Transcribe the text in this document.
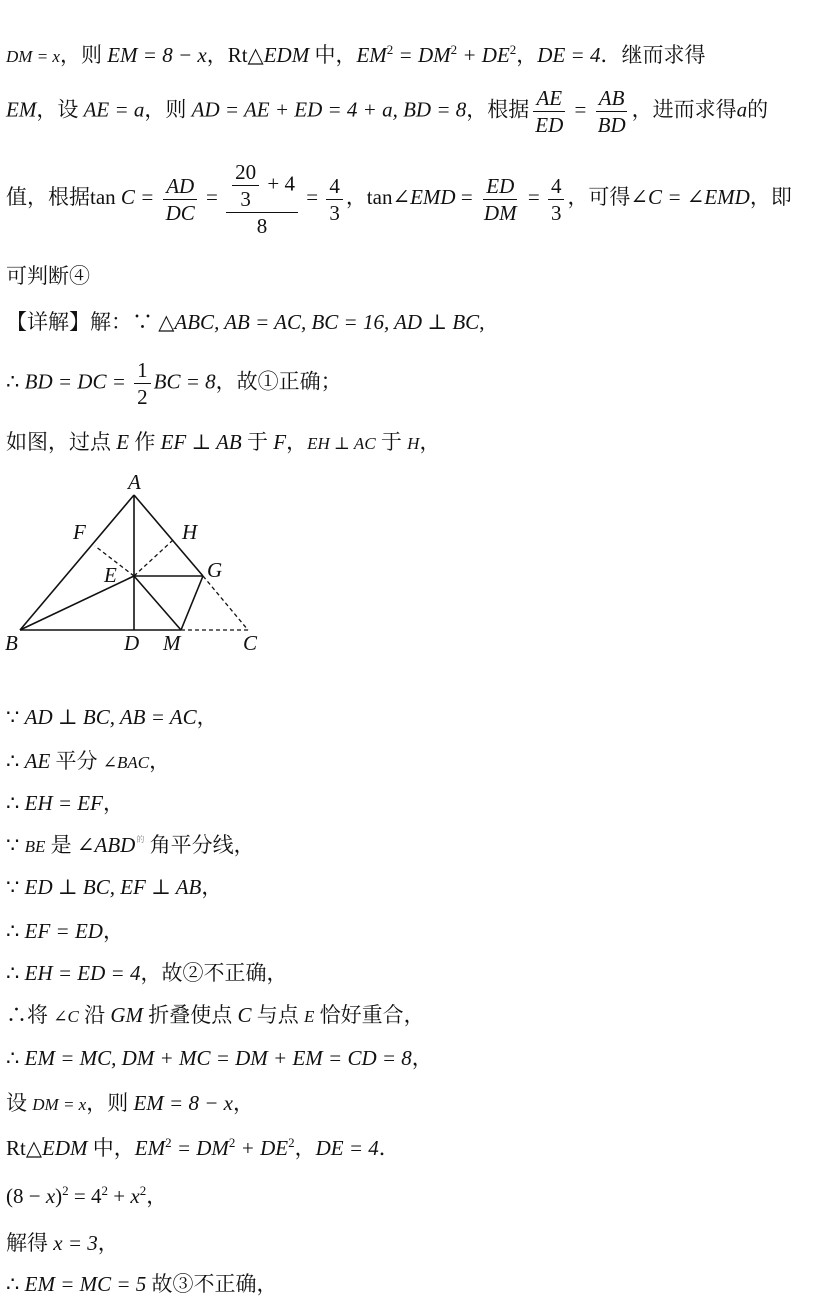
DM = x，则 EM = 8 − x，Rt△EDM 中，$EM^2 = DM^2 + DE^2$，DE = 4．继而求得
EM，设 AE = a，则 AD = AE + ED = 4 + a, BD = 8，根据 $\frac{AE}{ED} = \frac{AB}{BD}$ ，进而求得a的
值，根据$\tan C = \frac{AD}{DC} = \frac{\frac{20}{3} + 4}{8} = \frac{4}{3}$ ，tan∠EMD = $\frac{ED}{DM} = \frac{4}{3}$ ，可得∠C = ∠EMD，即
可判断④
【详解】解：∵ △ABC, AB = AC, BC = 16, AD ⊥ BC,
∴ BD = DC = $\frac{1}{2}$ BC = 8，故①正确；
如图，过点 E 作 EF ⊥ AB 于 F，EH ⊥ AC 于 H，
A
F	H
E	G
B	D M	C
∵ AD ⊥ BC, AB = AC，
∴ AE 平分 ∠BAC，
∴ EH = EF，
∵ BE 是 $\angle ABD^的$ 角平分线，
∵ ED ⊥ BC, EF ⊥ AB，
∴ EF = ED，
∴ EH = ED = 4，故②不正确，
∴将 ∠C 沿 GM 折叠使点 C 与点 E 恰好重合，
∴ EM = MC, DM + MC = DM + EM = CD = 8，
设 DM = x，则 EM = 8 − x，
Rt△EDM 中，$EM^2 = DM^2 + DE^2$，DE = 4．
$(8 - x)^2 = 4^2 + x^2$，
解得 x = 3，
∴ EM = MC = 5 故③不正确，
